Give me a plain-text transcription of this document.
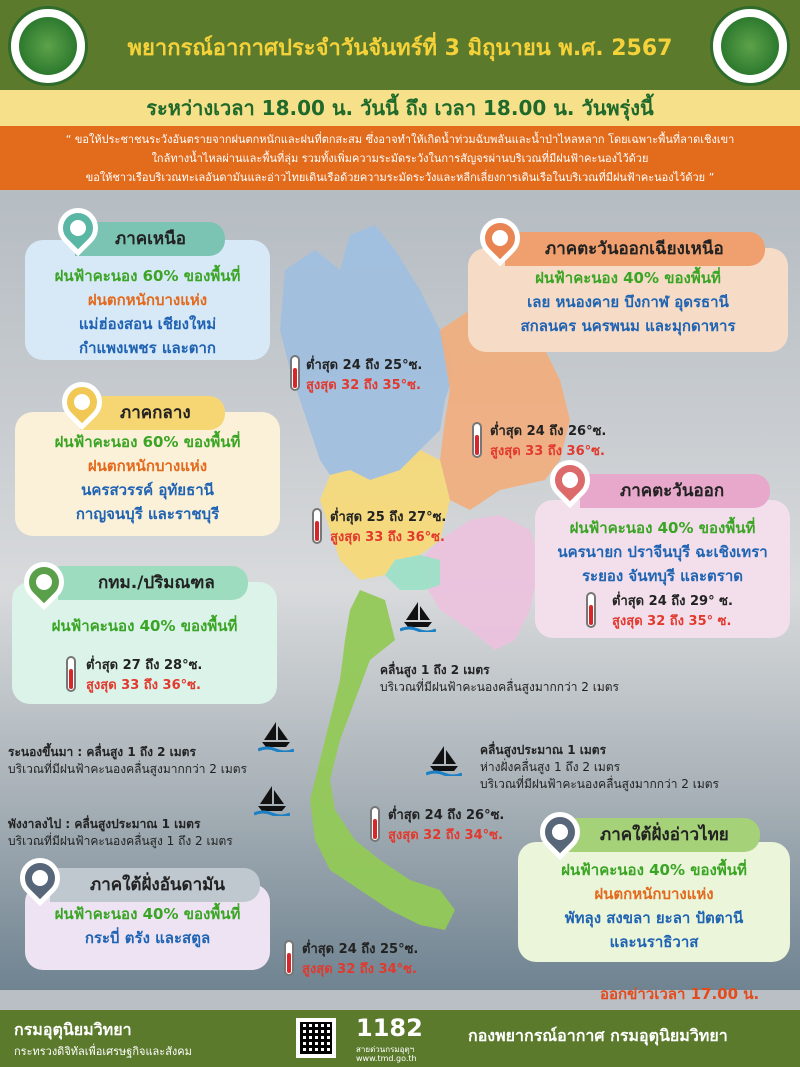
พยากรณ์อากาศประจำวันจันทร์ที่ 3 มิถุนายน พ.ศ. 2567
ระหว่างเวลา 18.00 น. วันนี้ ถึง เวลา 18.00 น. วันพรุ่งนี้
“ ขอให้ประชาชนระวังอันตรายจากฝนตกหนักและฝนที่ตกสะสม ซึ่งอาจทำให้เกิดน้ำท่วมฉับพลันและน้ำป่าไหลหลาก โดยเฉพาะพื้นที่ลาดเชิงเขา
ใกล้ทางน้ำไหลผ่านและพื้นที่ลุ่ม รวมทั้งเพิ่มความระมัดระวังในการสัญจรผ่านบริเวณที่มีฝนฟ้าคะนองไว้ด้วย
ขอให้ชาวเรือบริเวณทะเลอันดามันและอ่าวไทยเดินเรือด้วยความระมัดระวังและหลีกเลี่ยงการเดินเรือในบริเวณที่มีฝนฟ้าคะนองไว้ด้วย ”
ฝนฟ้าคะนอง 60% ของพื้นที่
ฝนตกหนักบางแห่ง
แม่ฮ่องสอน เชียงใหม่
กำแพงเพชร และตาก
ภาคเหนือ
ต่ำสุด 24 ถึง 25°ซ.
สูงสุด 32 ถึง 35°ซ.
ฝนฟ้าคะนอง 40% ของพื้นที่
เลย หนองคาย บึงกาฬ อุดรธานี
สกลนคร นครพนม และมุกดาหาร
ภาคตะวันออกเฉียงเหนือ
ต่ำสุด 24 ถึง 26°ซ.
สูงสุด 33 ถึง 36°ซ.
ฝนฟ้าคะนอง 60% ของพื้นที่
ฝนตกหนักบางแห่ง
นครสวรรค์ อุทัยธานี
กาญจนบุรี และราชบุรี
ภาคกลาง
ต่ำสุด 25 ถึง 27°ซ.
สูงสุด 33 ถึง 36°ซ.
ฝนฟ้าคะนอง 40% ของพื้นที่
นครนายก ปราจีนบุรี ฉะเชิงเทรา
ระยอง จันทบุรี และตราด
ภาคตะวันออก
ต่ำสุด 24 ถึง 29° ซ.
สูงสุด 32 ถึง 35° ซ.
ฝนฟ้าคะนอง 40% ของพื้นที่
กทม./ปริมณฑล
ต่ำสุด 27 ถึง 28°ซ.
สูงสุด 33 ถึง 36°ซ.
คลื่นสูง 1 ถึง 2 เมตร
บริเวณที่มีฝนฟ้าคะนองคลื่นสูงมากกว่า 2 เมตร
ระนองขึ้นมา : คลื่นสูง 1 ถึง 2 เมตร
บริเวณที่มีฝนฟ้าคะนองคลื่นสูงมากกว่า 2 เมตร
คลื่นสูงประมาณ 1 เมตร
ห่างฝั่งคลื่นสูง 1 ถึง 2 เมตร
บริเวณที่มีฝนฟ้าคะนองคลื่นสูงมากกว่า 2 เมตร
พังงาลงไป : คลื่นสูงประมาณ 1 เมตร
บริเวณที่มีฝนฟ้าคะนองคลื่นสูง 1 ถึง 2 เมตร
ต่ำสุด 24 ถึง 26°ซ.
สูงสุด 32 ถึง 34°ซ.
ฝนฟ้าคะนอง 40% ของพื้นที่
ฝนตกหนักบางแห่ง
พัทลุง สงขลา ยะลา ปัตตานี
และนราธิวาส
ภาคใต้ฝั่งอ่าวไทย
ฝนฟ้าคะนอง 40% ของพื้นที่
กระบี่ ตรัง และสตูล
ภาคใต้ฝั่งอันดามัน
ต่ำสุด 24 ถึง 25°ซ.
สูงสุด 32 ถึง 34°ซ.
ออกข่าวเวลา 17.00 น.
กรมอุตุนิยมวิทยา
กระทรวงดิจิทัลเพื่อเศรษฐกิจและสังคม
1182
สายด่วนกรมอุตุฯ
www.tmd.go.th
กองพยากรณ์อากาศ กรมอุตุนิยมวิทยา
